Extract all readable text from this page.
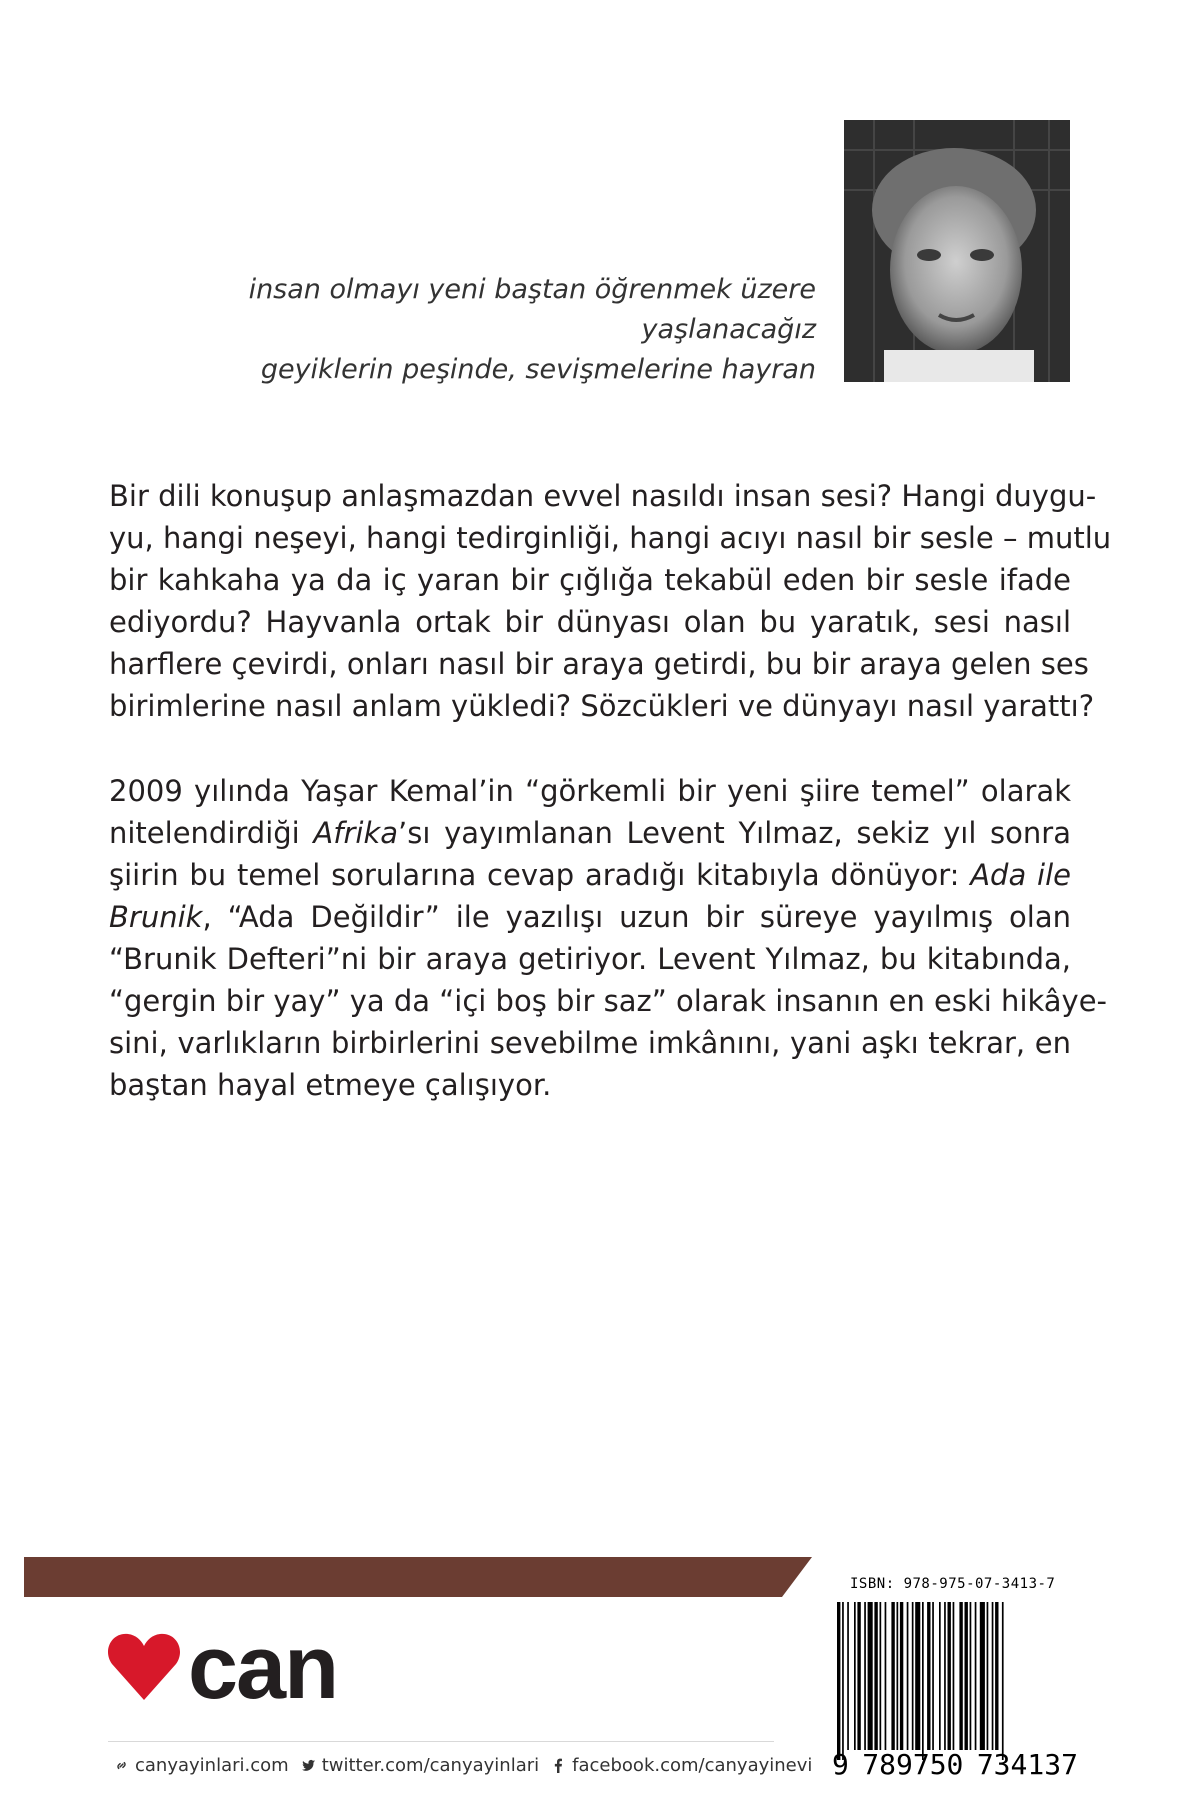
insan olmayı yeni baştan öğrenmek üzere
yaşlanacağız
geyiklerin peşinde, sevişmelerine hayran
Bir dili konuşup anlaşmazdan evvel nasıldı insan sesi? Hangi duygu-
yu, hangi neşeyi, hangi tedirginliği, hangi acıyı nasıl bir sesle – mutlu
bir kahkaha ya da iç yaran bir çığlığa tekabül eden bir sesle ifade
ediyordu? Hayvanla ortak bir dünyası olan bu yaratık, sesi nasıl
harflere çevirdi, onları nasıl bir araya getirdi, bu bir araya gelen ses
birimlerine nasıl anlam yükledi? Sözcükleri ve dünyayı nasıl yarattı?
2009 yılında Yaşar Kemal’in “görkemli bir yeni şiire temel” olarak
nitelendirdiği Afrika’sı yayımlanan Levent Yılmaz, sekiz yıl sonra
şiirin bu temel sorularına cevap aradığı kitabıyla dönüyor: Ada ile
Brunik, “Ada Değildir” ile yazılışı uzun bir süreye yayılmış olan
“Brunik Defteri”ni bir araya getiriyor. Levent Yılmaz, bu kitabında,
“gergin bir yay” ya da “içi boş bir saz” olarak insanın en eski hikâye-
sini, varlıkların birbirlerini sevebilme imkânını, yani aşkı tekrar, en
baştan hayal etmeye çalışıyor.
can
canyayinlari.com twitter.com/canyayinlari facebook.com/canyayinevi
ISBN: 978-975-07-3413-7
9 789750 734137
